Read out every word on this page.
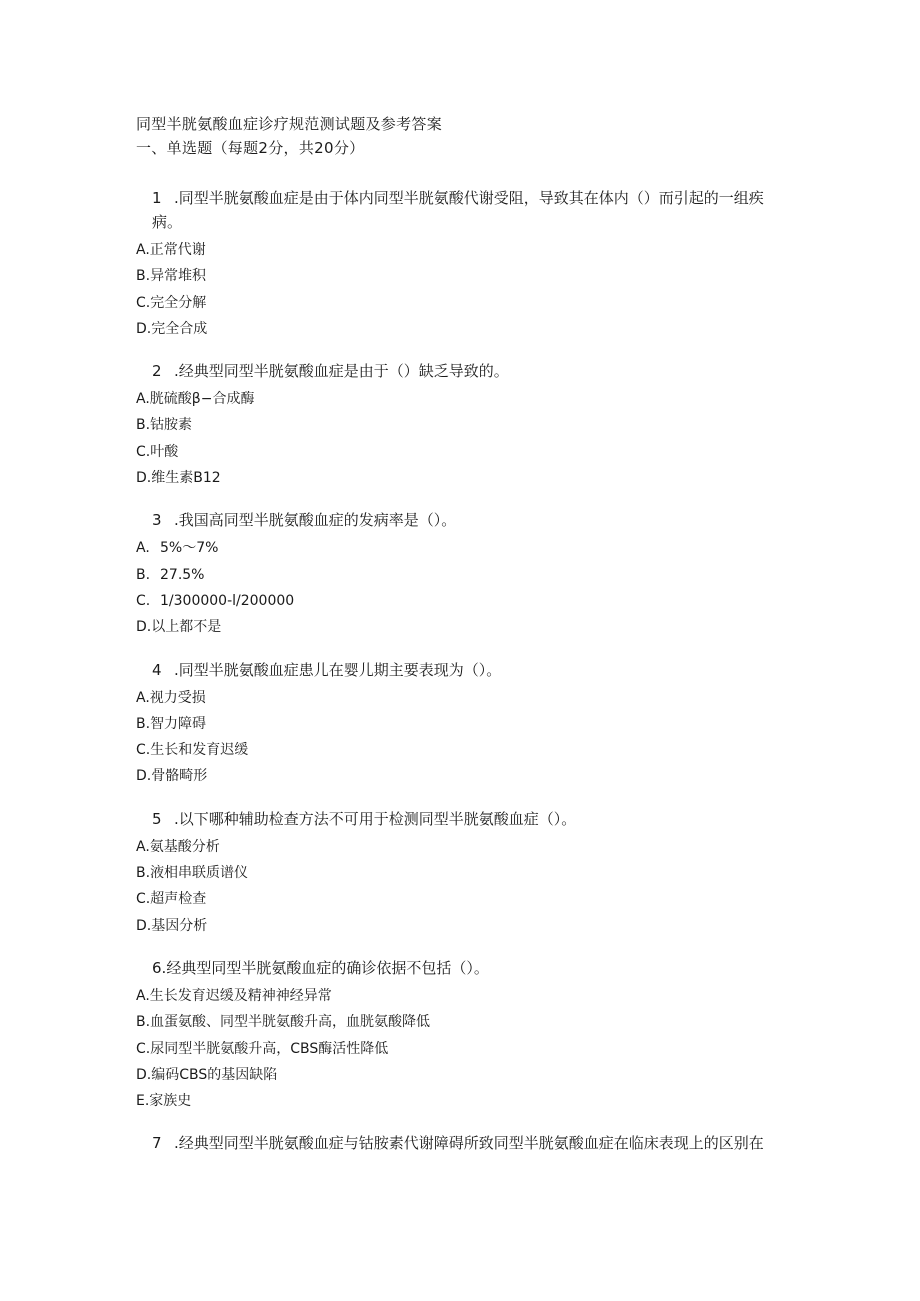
同型半胱氨酸血症诊疗规范测试题及参考答案
一、单选题（每题2分，共20分）
1 .同型半胱氨酸血症是由于体内同型半胱氨酸代谢受阻，导致其在体内（）而引起的一组疾病。
A.正常代谢
B.异常堆积
C.完全分解
D.完全合成
2 .经典型同型半胱氨酸血症是由于（）缺乏导致的。
A.胱硫酸β−合成酶
B.钴胺素
C.叶酸
D.维生素B12
3 .我国高同型半胱氨酸血症的发病率是（）。
A. 5%～7%
B. 27.5%
C. 1/300000-l/200000
D.以上都不是
4 .同型半胱氨酸血症患儿在婴儿期主要表现为（）。
A.视力受损
B.智力障碍
C.生长和发育迟缓
D.骨骼畸形
5 .以下哪种辅助检查方法不可用于检测同型半胱氨酸血症（）。
A.氨基酸分析
B.液相串联质谱仪
C.超声检查
D.基因分析
6.经典型同型半胱氨酸血症的确诊依据不包括（）。
A.生长发育迟缓及精神神经异常
B.血蛋氨酸、同型半胱氨酸升高，血胱氨酸降低
C.尿同型半胱氨酸升高，CBS酶活性降低
D.编码CBS的基因缺陷
E.家族史
7 .经典型同型半胱氨酸血症与钴胺素代谢障碍所致同型半胱氨酸血症在临床表现上的区别在
